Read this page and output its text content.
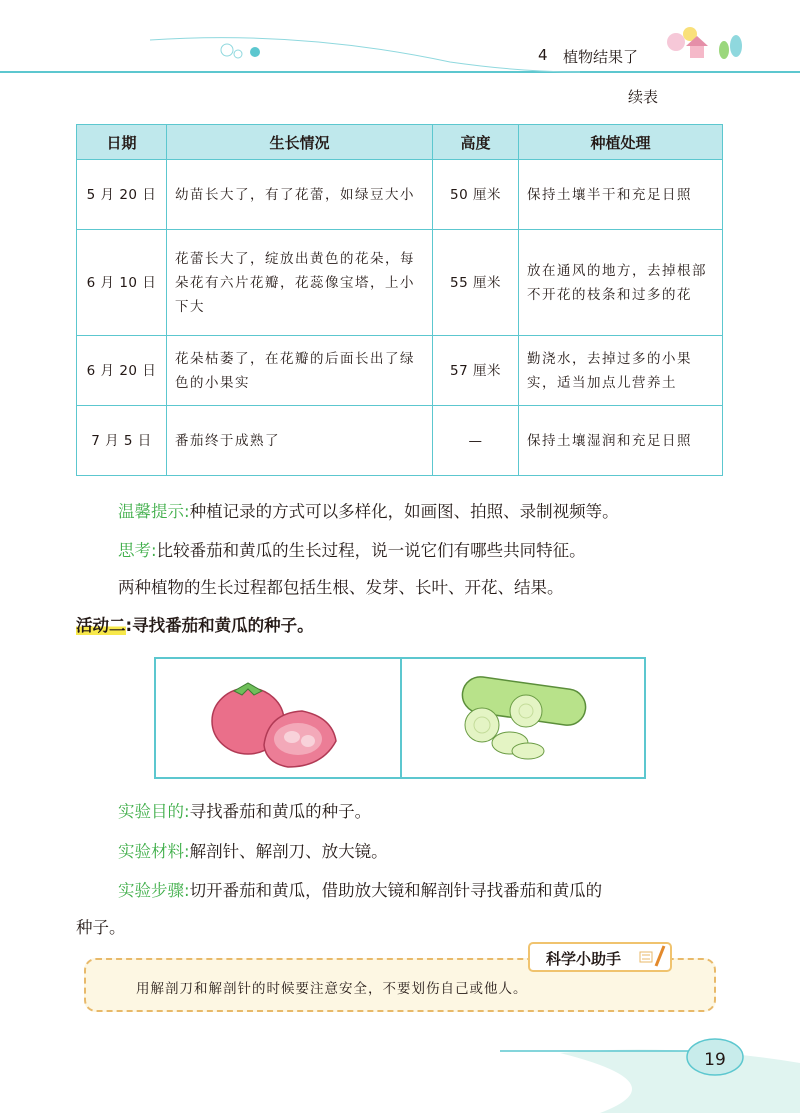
4 植物结果了
续表
日期	生长情况	高度	种植处理
5 月 20 日	幼苗长大了，有了花蕾，如绿豆大小	50 厘米	保持土壤半干和充足日照
6 月 10 日	花蕾长大了，绽放出黄色的花朵，每朵花有六片花瓣，花蕊像宝塔，上小下大	55 厘米	放在通风的地方，去掉根部不开花的枝条和过多的花
6 月 20 日	花朵枯萎了，在花瓣的后面长出了绿色的小果实	57 厘米	勤浇水，去掉过多的小果实，适当加点儿营养土
7 月 5 日	番茄终于成熟了	—	保持土壤湿润和充足日照
温馨提示:种植记录的方式可以多样化，如画图、拍照、录制视频等。
思考:比较番茄和黄瓜的生长过程，说一说它们有哪些共同特征。
两种植物的生长过程都包括生根、发芽、长叶、开花、结果。
活动二:寻找番茄和黄瓜的种子。
实验目的:寻找番茄和黄瓜的种子。
实验材料:解剖针、解剖刀、放大镜。
实验步骤:切开番茄和黄瓜，借助放大镜和解剖针寻找番茄和黄瓜的
种子。
用解剖刀和解剖针的时候要注意安全，不要划伤自己或他人。
科学小助手
19
